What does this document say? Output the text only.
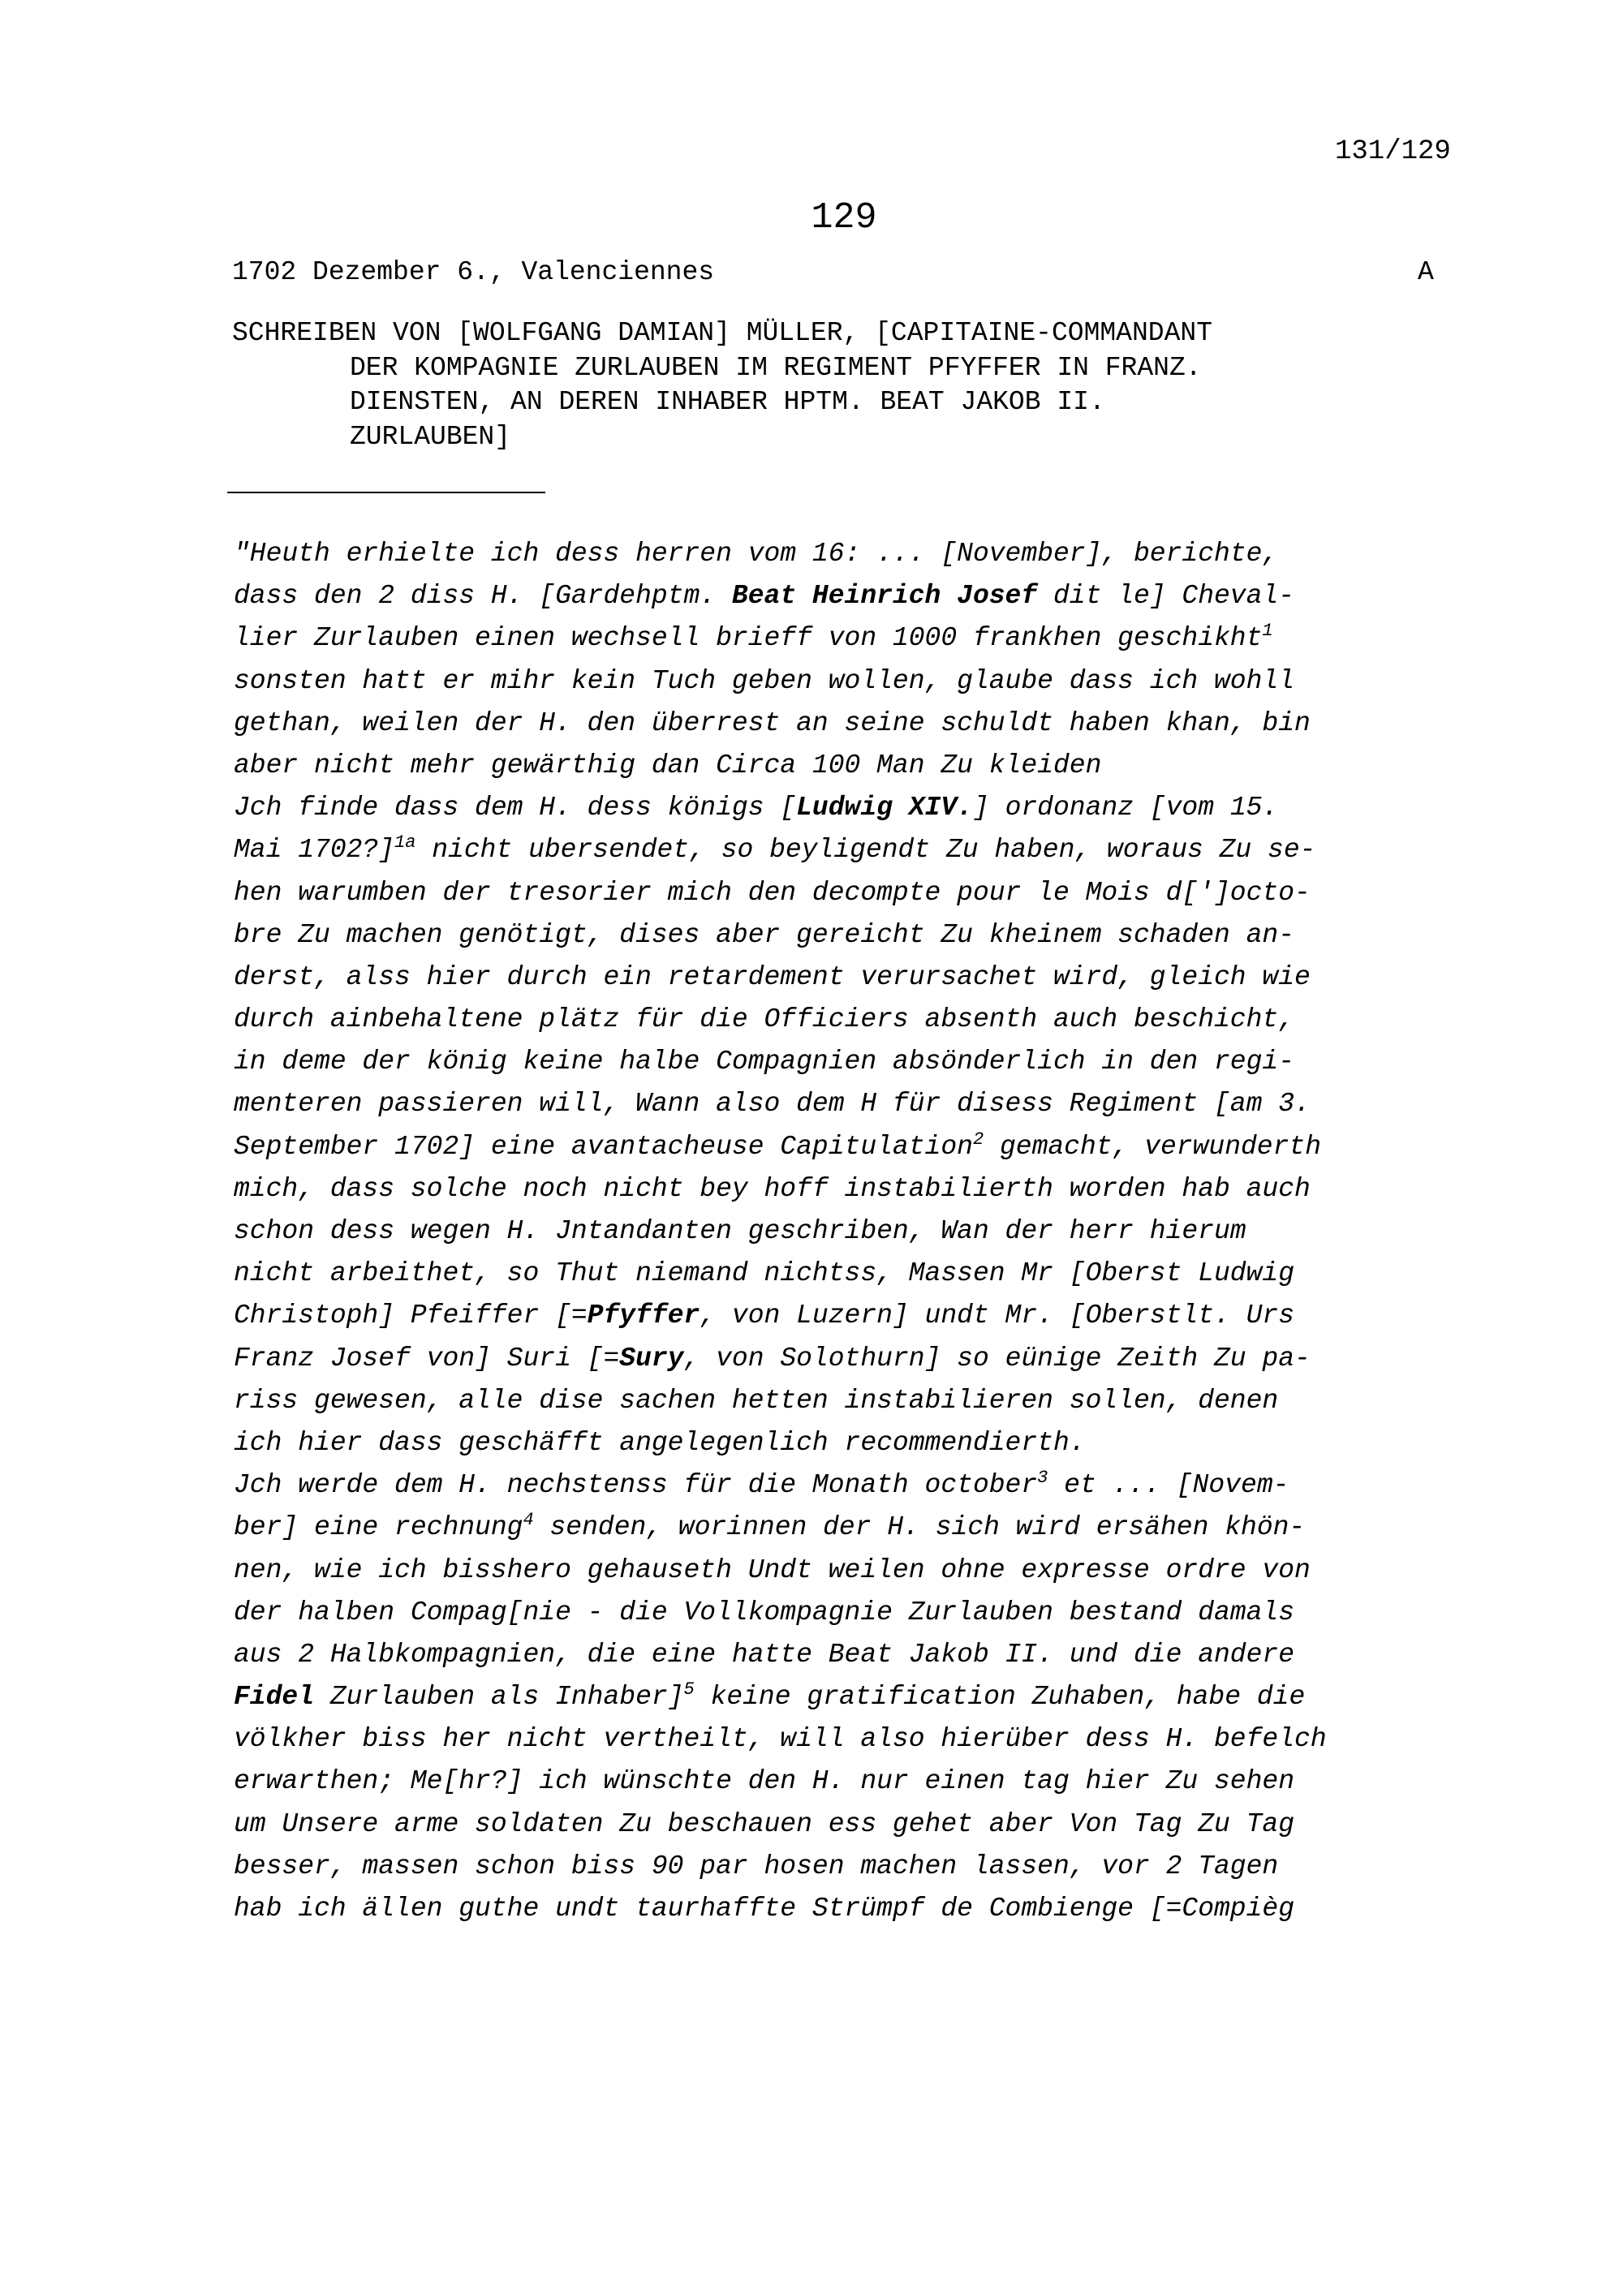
131/129
129
1702 Dezember 6., Valenciennes	A
SCHREIBEN VON [WOLFGANG DAMIAN] MÜLLER, [CAPITAINE-COMMANDANT
DER KOMPAGNIE ZURLAUBEN IM REGIMENT PFYFFER IN FRANZ.
DIENSTEN, AN DEREN INHABER HPTM. BEAT JAKOB II.
ZURLAUBEN]
"Heuth erhielte ich dess herren vom 16: ... [November], berichte,
dass den 2 diss H. [Gardehptm. Beat Heinrich Josef dit le] Cheval-
lier Zurlauben einen wechsell brieff von 1000 frankhen geschikht$^1$
sonsten hatt er mihr kein Tuch geben wollen, glaube dass ich wohll
gethan, weilen der H. den überrest an seine schuldt haben khan, bin
aber nicht mehr gewärthig dan Circa 100 Man Zu kleiden
Jch finde dass dem H. dess königs [Ludwig XIV.] ordonanz [vom 15.
Mai 1702?]$^{1a}$ nicht ubersendet, so beyligendt Zu haben, woraus Zu se-
hen warumben der tresorier mich den decompte pour le Mois d[']octo-
bre Zu machen genötigt, dises aber gereicht Zu kheinem schaden an-
derst, alss hier durch ein retardement verursachet wird, gleich wie
durch ainbehaltene plätz für die Officiers absenth auch beschicht,
in deme der könig keine halbe Compagnien absönderlich in den regi-
menteren passieren will, Wann also dem H für disess Regiment [am 3.
September 1702] eine avantacheuse Capitulation$^2$ gemacht, verwunderth
mich, dass solche noch nicht bey hoff instabilierth worden hab auch
schon dess wegen H. Jntandanten geschriben, Wan der herr hierum
nicht arbeithet, so Thut niemand nichtss, Massen Mr [Oberst Ludwig
Christoph] Pfeiffer [=Pfyffer, von Luzern] undt Mr. [Oberstlt. Urs
Franz Josef von] Suri [=Sury, von Solothurn] so eünige Zeith Zu pa-
riss gewesen, alle dise sachen hetten instabilieren sollen, denen
ich hier dass geschäfft angelegenlich recommendierth.
Jch werde dem H. nechstenss für die Monath october$^3$ et ... [Novem-
ber] eine rechnung$^4$ senden, worinnen der H. sich wird ersähen khön-
nen, wie ich bisshero gehauseth Undt weilen ohne expresse ordre von
der halben Compag[nie - die Vollkompagnie Zurlauben bestand damals
aus 2 Halbkompagnien, die eine hatte Beat Jakob II. und die andere
Fidel Zurlauben als Inhaber]$^5$ keine gratification Zuhaben, habe die
völkher biss her nicht vertheilt, will also hierüber dess H. befelch
erwarthen; Me[hr?] ich wünschte den H. nur einen tag hier Zu sehen
um Unsere arme soldaten Zu beschauen ess gehet aber Von Tag Zu Tag
besser, massen schon biss 90 par hosen machen lassen, vor 2 Tagen
hab ich ällen guthe undt taurhaffte Strümpf de Combienge [=Compièg
